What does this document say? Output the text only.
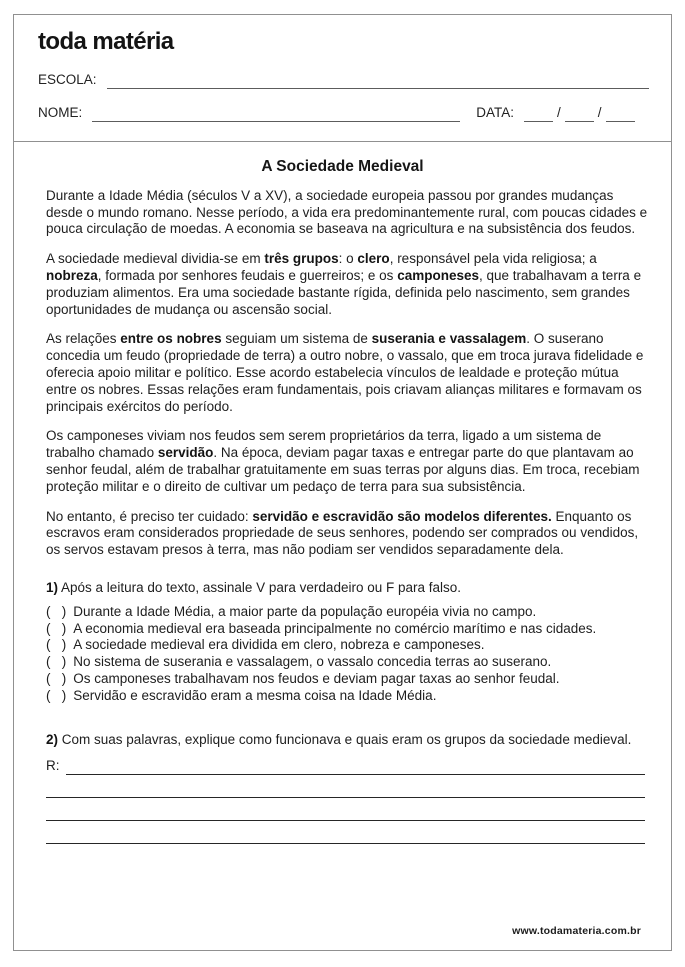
toda matéria
ESCOLA:
NOME:	DATA:	/	/
A Sociedade Medieval

Durante a Idade Média (séculos V a XV), a sociedade europeia passou por grandes mudanças desde o mundo romano. Nesse período, a vida era predominantemente rural, com poucas cidades e pouca circulação de moedas. A economia se baseava na agricultura e na subsistência dos feudos.

A sociedade medieval dividia-se em três grupos: o clero, responsável pela vida religiosa; a nobreza, formada por senhores feudais e guerreiros; e os camponeses, que trabalhavam a terra e produziam alimentos. Era uma sociedade bastante rígida, definida pelo nascimento, sem grandes oportunidades de mudança ou ascensão social.

As relações entre os nobres seguiam um sistema de suserania e vassalagem. O suserano concedia um feudo (propriedade de terra) a outro nobre, o vassalo, que em troca jurava fidelidade e oferecia apoio militar e político. Esse acordo estabelecia vínculos de lealdade e proteção mútua entre os nobres. Essas relações eram fundamentais, pois criavam alianças militares e formavam os principais exércitos do período.

Os camponeses viviam nos feudos sem serem proprietários da terra, ligado a um sistema de trabalho chamado servidão. Na época, deviam pagar taxas e entregar parte do que plantavam ao senhor feudal, além de trabalhar gratuitamente em suas terras por alguns dias. Em troca, recebiam proteção militar e o direito de cultivar um pedaço de terra para sua subsistência.

No entanto, é preciso ter cuidado: servidão e escravidão são modelos diferentes. Enquanto os escravos eram considerados propriedade de seus senhores, podendo ser comprados ou vendidos, os servos estavam presos à terra, mas não podiam ser vendidos separadamente dela.

1) Após a leitura do texto, assinale V para verdadeiro ou F para falso.

(   ) Durante a Idade Média, a maior parte da população européia vivia no campo.
(   ) A economia medieval era baseada principalmente no comércio marítimo e nas cidades.
(   ) A sociedade medieval era dividida em clero, nobreza e camponeses.
(   ) No sistema de suserania e vassalagem, o vassalo concedia terras ao suserano.
(   ) Os camponeses trabalhavam nos feudos e deviam pagar taxas ao senhor feudal.
(   ) Servidão e escravidão eram a mesma coisa na Idade Média.

2) Com suas palavras, explique como funcionava e quais eram os grupos da sociedade medieval.

R:
www.todamateria.com.br
